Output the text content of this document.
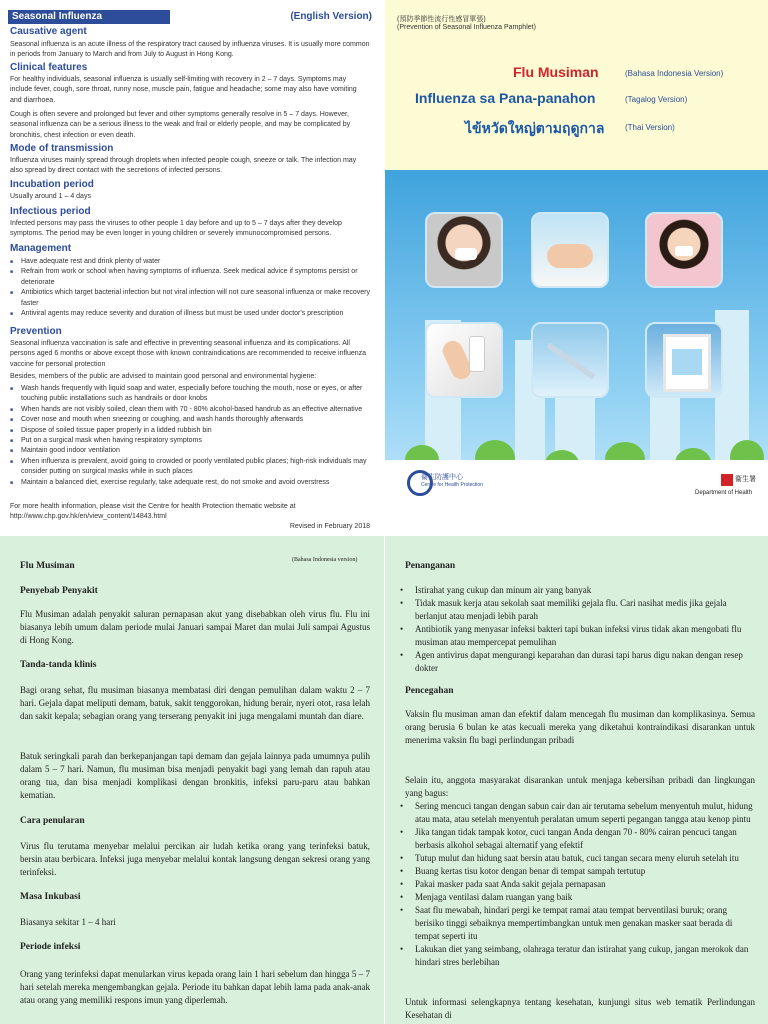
Seasonal Influenza	(English Version)
Causative agent
Seasonal influenza is an acute illness of the respiratory tract caused by influenza viruses. It is usually more common in periods from January to March and from July to August in Hong Kong.
Clinical features
For healthy individuals, seasonal influenza is usually self-limiting with recovery in 2 – 7 days. Symptoms may include fever, cough, sore throat, runny nose, muscle pain, fatigue and headache; some may also have vomiting and diarrhoea.
Cough is often severe and prolonged but fever and other symptoms generally resolve in 5 – 7 days. However, seasonal influenza can be a serious illness to the weak and frail or elderly people, and may be complicated by bronchitis, chest infection or even death.
Mode of transmission
Influenza viruses mainly spread through droplets when infected people cough, sneeze or talk. The infection may also spread by direct contact with the secretions of infected persons.
Incubation period
Usually around 1 – 4 days
Infectious period
Infected persons may pass the viruses to other people 1 day before and up to 5 – 7 days after they develop symptoms. The period may be even longer in young children or severely immunocompromised persons.
Management
■ Have adequate rest and drink plenty of water
■ Refrain from work or school when having symptoms of influenza. Seek medical advice if symptoms persist or deteriorate
■ Antibiotics which target bacterial infection but not viral infection will not cure seasonal influenza or make recovery faster
■ Antiviral agents may reduce severity and duration of illness but must be used under doctor's prescription
Prevention
Seasonal influenza vaccination is safe and effective in preventing seasonal influenza and its complications. All persons aged 6 months or above except those with known contraindications are recommended to receive influenza vaccine for personal protection
Besides, members of the public are advised to maintain good personal and environmental hygiene:
■ Wash hands frequently with liquid soap and water, especially before touching the mouth, nose or eyes, or after touching public installations such as handrails or door knobs
■ When hands are not visibly soiled, clean them with 70 - 80% alcohol-based handrub as an effective alternative
■ Cover nose and mouth when sneezing or coughing, and wash hands thoroughly afterwards
■ Dispose of soiled tissue paper properly in a lidded rubbish bin
■ Put on a surgical mask when having respiratory symptoms
■ Maintain good indoor ventilation
■ When influenza is prevalent, avoid going to crowded or poorly ventilated public places; high-risk individuals may consider putting on surgical masks while in such places
■ Maintain a balanced diet, exercise regularly, take adequate rest, do not smoke and avoid overstress
For more health information, please visit the Centre for health Protection thematic website at http://www.chp.gov.hk/en/view_content/14843.html
Revised in February 2018
(預防季節性流行性感冒單張)
(Prevention of Seasonal Influenza Pamphlet)
Flu Musiman	(Bahasa Indonesia Version)
Influenza sa Pana-panahon	(Tagalog Version)
ไข้หวัดใหญ่ตามฤดูกาล	(Thai Version)
衞生防護中心
Centre for Health Protection
衞生署
Department of Health
(Bahasa Indonesia version)
Flu Musiman
Penyebab Penyakit
Flu Musiman adalah penyakit saluran pernapasan akut yang disebabkan oleh virus flu. Flu ini biasanya lebih umum dalam periode mulai Januari sampai Maret dan mulai Juli sampai Agustus di Hong Kong.
Tanda-tanda klinis
Bagi orang sehat, flu musiman biasanya membatasi diri dengan pemulihan dalam waktu 2 – 7 hari. Gejala dapat meliputi demam, batuk, sakit tenggorokan, hidung berair, nyeri otot, rasa lelah dan sakit kepala; sebagian orang yang terserang penyakit ini juga mengalami muntah dan diare.
Batuk seringkali parah dan berkepanjangan tapi demam dan gejala lainnya pada umumnya pulih dalam 5 – 7 hari. Namun, flu musiman bisa menjadi penyakit bagi yang lemah dan rapuh atau orang tua, dan bisa menjadi komplikasi dengan bronkitis, infeksi paru-paru atau bahkan kematian.
Cara penularan
Virus flu terutama menyebar melalui percikan air ludah ketika orang yang terinfeksi batuk, bersin atau berbicara. Infeksi juga menyebar melalui kontak langsung dengan sekresi orang yang terinfeksi.
Masa Inkubasi
Biasanya sekitar 1 – 4 hari
Periode infeksi
Orang yang terinfeksi dapat menularkan virus kepada orang lain 1 hari sebelum dan hingga 5 – 7 hari setelah mereka mengembangkan gejala. Periode itu bahkan dapat lebih lama pada anak-anak atau orang yang memiliki respons imun yang diperlemah.
Penanganan
• Istirahat yang cukup dan minum air yang banyak
• Tidak masuk kerja atau sekolah saat memiliki gejala flu. Cari nasihat medis jika gejala berlanjut atau menjadi lebih parah
• Antibiotik yang menyasar infeksi bakteri tapi bukan infeksi virus tidak akan mengobati flu musiman atau mempercepat pemulihan
• Agen antivirus dapat mengurangi keparahan dan durasi tapi harus digu nakan dengan resep dokter
Pencegahan
Vaksin flu musiman aman dan efektif dalam mencegah flu musiman dan komplikasinya. Semua orang berusia 6 bulan ke atas kecuali mereka yang diketahui kontraindikasi disarankan untuk menerima vaksin flu bagi perlindungan pribadi
Selain itu, anggota masyarakat disarankan untuk menjaga kebersihan pribadi dan lingkungan yang bagus:
• Sering mencuci tangan dengan sabun cair dan air terutama sebelum menyentuh mulut, hidung atau mata, atau setelah menyentuh peralatan umum seperti pegangan tangga atau kenop pintu
• Jika tangan tidak tampak kotor, cuci tangan Anda dengan 70 - 80% cairan pencuci tangan berbasis alkohol sebagai alternatif yang efektif
• Tutup mulut dan hidung saat bersin atau batuk, cuci tangan secara meny eluruh setelah itu
• Buang kertas tisu kotor dengan benar di tempat sampah tertutup
• Pakai masker pada saat Anda sakit gejala pernapasan
• Menjaga ventilasi dalam ruangan yang baik
• Saat flu mewabah, hindari pergi ke tempat ramai atau tempat berventilasi buruk; orang berisiko tinggi sebaiknya mempertimbangkan untuk men genakan masker saat berada di tempat seperti itu
• Lakukan diet yang seimbang, olahraga teratur dan istirahat yang cukup, jangan merokok dan hindari stres berlebihan
Untuk informasi selengkapnya tentang kesehatan, kunjungi situs web tematik Perlindungan Kesehatan di
